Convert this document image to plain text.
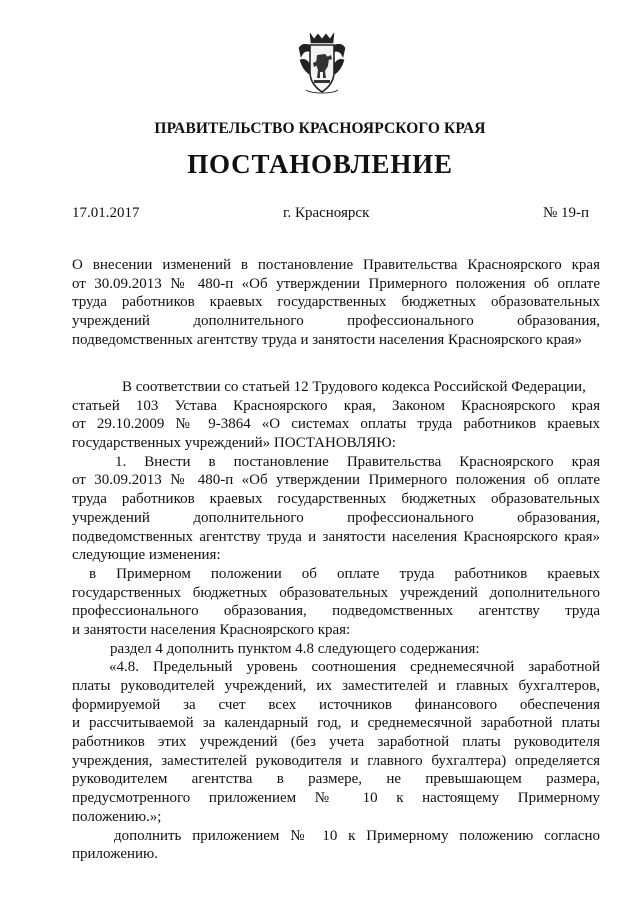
ПРАВИТЕЛЬСТВО КРАСНОЯРСКОГО КРАЯ
ПОСТАНОВЛЕНИЕ
17.01.2017	г. Красноярск	№ 19-п
О внесении изменений в постановление Правительства Красноярского края
от 30.09.2013 № 480-п «Об утверждении Примерного положения об оплате
труда работников краевых государственных бюджетных образовательных
учреждений дополнительного профессионального образования,
подведомственных агентству труда и занятости населения Красноярского края»
В соответствии со статьей 12 Трудового кодекса Российской Федерации,
статьей 103 Устава Красноярского края, Законом Красноярского края
от 29.10.2009 № 9-3864 «О системах оплаты труда работников краевых
государственных учреждений» ПОСТАНОВЛЯЮ:
1. Внести в постановление Правительства Красноярского края
от 30.09.2013 № 480-п «Об утверждении Примерного положения об оплате
труда работников краевых государственных бюджетных образовательных
учреждений дополнительного профессионального образования,
подведомственных агентству труда и занятости населения Красноярского края»
следующие изменения:
в Примерном положении об оплате труда работников краевых
государственных бюджетных образовательных учреждений дополнительного
профессионального образования, подведомственных агентству труда
и занятости населения Красноярского края:
раздел 4 дополнить пунктом 4.8 следующего содержания:
«4.8. Предельный уровень соотношения среднемесячной заработной
платы руководителей учреждений, их заместителей и главных бухгалтеров,
формируемой за счет всех источников финансового обеспечения
и рассчитываемой за календарный год, и среднемесячной заработной платы
работников этих учреждений (без учета заработной платы руководителя
учреждения, заместителей руководителя и главного бухгалтера) определяется
руководителем агентства в размере, не превышающем размера,
предусмотренного приложением № 10 к настоящему Примерному
положению.»;
дополнить приложением № 10 к Примерному положению согласно
приложению.
